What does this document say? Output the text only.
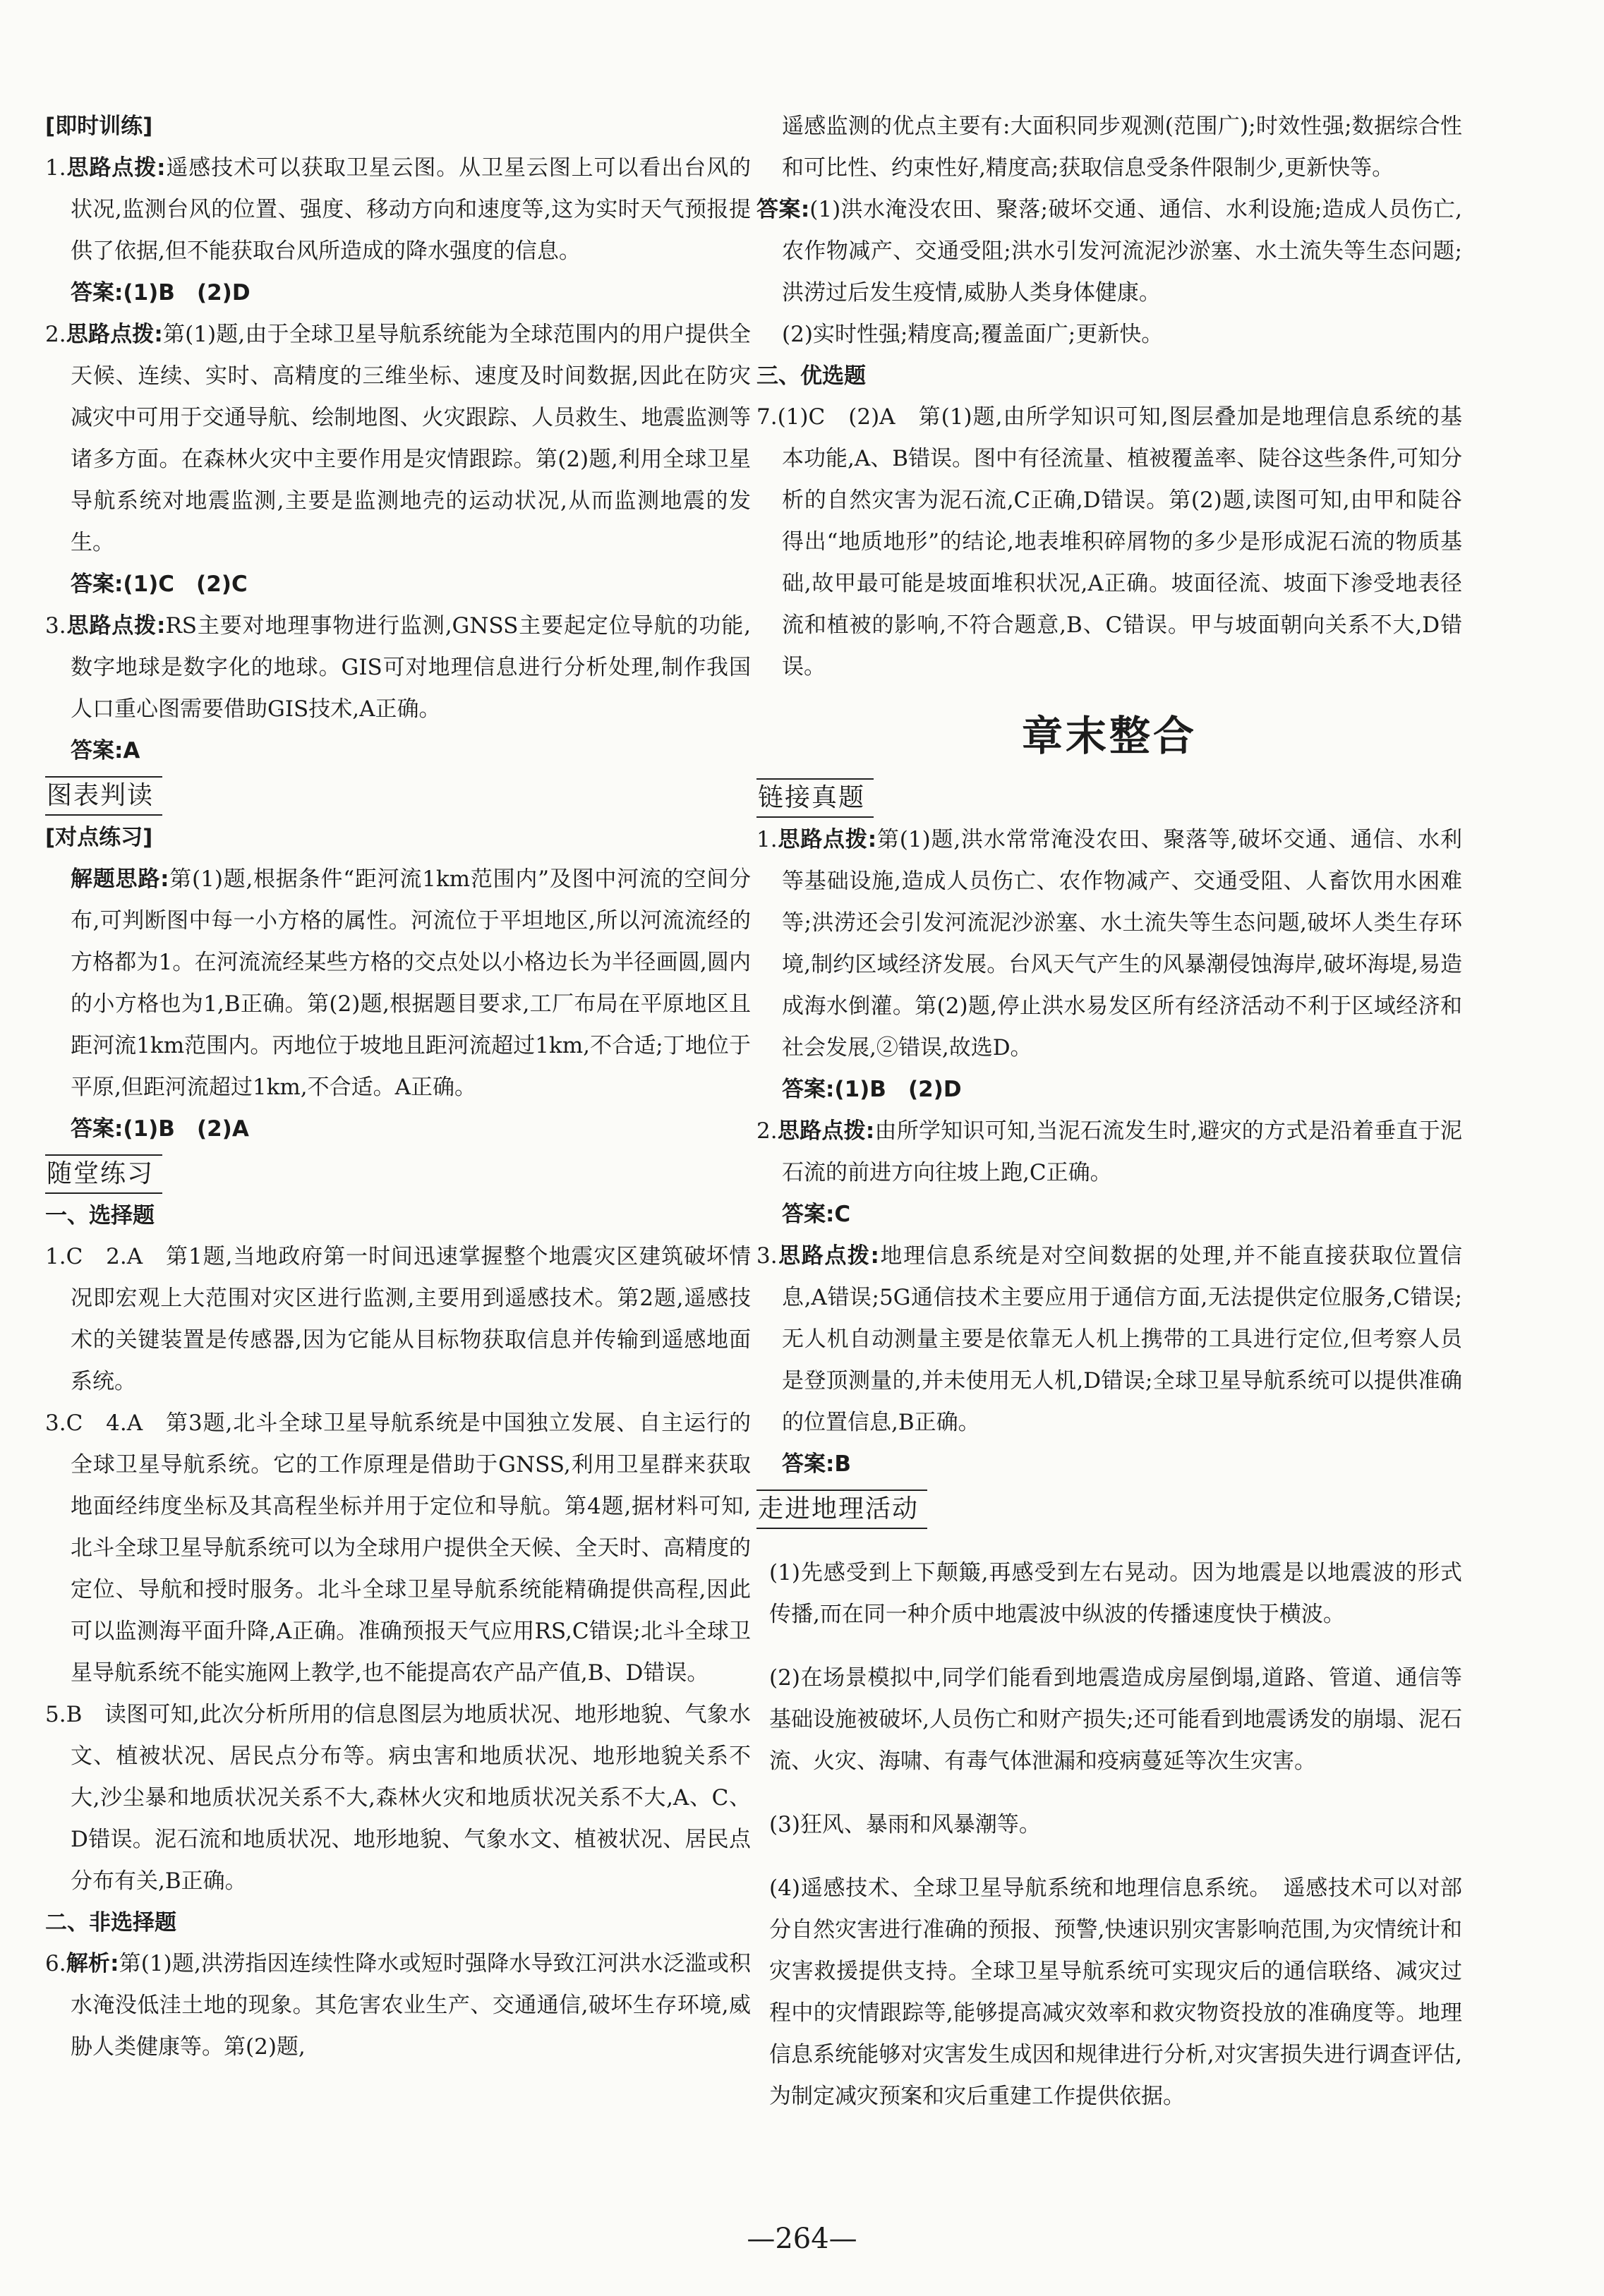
[即时训练]
1.思路点拨:遥感技术可以获取卫星云图。从卫星云图上可以看出台风的状况,监测台风的位置、强度、移动方向和速度等,这为实时天气预报提供了依据,但不能获取台风所造成的降水强度的信息。
答案:(1)B　(2)D
2.思路点拨:第(1)题,由于全球卫星导航系统能为全球范围内的用户提供全天候、连续、实时、高精度的三维坐标、速度及时间数据,因此在防灾减灾中可用于交通导航、绘制地图、火灾跟踪、人员救生、地震监测等诸多方面。在森林火灾中主要作用是灾情跟踪。第(2)题,利用全球卫星导航系统对地震监测,主要是监测地壳的运动状况,从而监测地震的发生。
答案:(1)C　(2)C
3.思路点拨:RS主要对地理事物进行监测,GNSS主要起定位导航的功能,数字地球是数字化的地球。GIS可对地理信息进行分析处理,制作我国人口重心图需要借助GIS技术,A正确。
答案:A
图表判读
[对点练习]

解题思路:第(1)题,根据条件“距河流1km范围内”及图中河流的空间分布,可判断图中每一小方格的属性。河流位于平坦地区,所以河流流经的方格都为1。在河流流经某些方格的交点处以小格边长为半径画圆,圆内的小方格也为1,B正确。第(2)题,根据题目要求,工厂布局在平原地区且距河流1km范围内。丙地位于坡地且距河流超过1km,不合适;丁地位于平原,但距河流超过1km,不合适。A正确。

答案:(1)B　(2)A
随堂练习
一、选择题
1.C　2.A　第1题,当地政府第一时间迅速掌握整个地震灾区建筑破坏情况即宏观上大范围对灾区进行监测,主要用到遥感技术。第2题,遥感技术的关键装置是传感器,因为它能从目标物获取信息并传输到遥感地面系统。
3.C　4.A　第3题,北斗全球卫星导航系统是中国独立发展、自主运行的全球卫星导航系统。它的工作原理是借助于GNSS,利用卫星群来获取地面经纬度坐标及其高程坐标并用于定位和导航。第4题,据材料可知,北斗全球卫星导航系统可以为全球用户提供全天候、全天时、高精度的定位、导航和授时服务。北斗全球卫星导航系统能精确提供高程,因此可以监测海平面升降,A正确。准确预报天气应用RS,C错误;北斗全球卫星导航系统不能实施网上教学,也不能提高农产品产值,B、D错误。
5.B　读图可知,此次分析所用的信息图层为地质状况、地形地貌、气象水文、植被状况、居民点分布等。病虫害和地质状况、地形地貌关系不大,沙尘暴和地质状况关系不大,森林火灾和地质状况关系不大,A、C、D错误。泥石流和地质状况、地形地貌、气象水文、植被状况、居民点分布有关,B正确。
二、非选择题
6.解析:第(1)题,洪涝指因连续性降水或短时强降水导致江河洪水泛滥或积水淹没低洼土地的现象。其危害农业生产、交通通信,破坏生存环境,威胁人类健康等。第(2)题,

遥感监测的优点主要有:大面积同步观测(范围广);时效性强;数据综合性和可比性、约束性好,精度高;获取信息受条件限制少,更新快等。

答案:(1)洪水淹没农田、聚落;破坏交通、通信、水利设施;造成人员伤亡,农作物减产、交通受阻;洪水引发河流泥沙淤塞、水土流失等生态问题;洪涝过后发生疫情,威胁人类身体健康。

(2)实时性强;精度高;覆盖面广;更新快。

三、优选题
7.(1)C　(2)A　第(1)题,由所学知识可知,图层叠加是地理信息系统的基本功能,A、B错误。图中有径流量、植被覆盖率、陡谷这些条件,可知分析的自然灾害为泥石流,C正确,D错误。第(2)题,读图可知,由甲和陡谷得出“地质地形”的结论,地表堆积碎屑物的多少是形成泥石流的物质基础,故甲最可能是坡面堆积状况,A正确。坡面径流、坡面下渗受地表径流和植被的影响,不符合题意,B、C错误。甲与坡面朝向关系不大,D错误。
章末整合
链接真题
1.思路点拨:第(1)题,洪水常常淹没农田、聚落等,破坏交通、通信、水利等基础设施,造成人员伤亡、农作物减产、交通受阻、人畜饮用水困难等;洪涝还会引发河流泥沙淤塞、水土流失等生态问题,破坏人类生存环境,制约区域经济发展。台风天气产生的风暴潮侵蚀海岸,破坏海堤,易造成海水倒灌。第(2)题,停止洪水易发区所有经济活动不利于区域经济和社会发展,②错误,故选D。
答案:(1)B　(2)D
2.思路点拨:由所学知识可知,当泥石流发生时,避灾的方式是沿着垂直于泥石流的前进方向往坡上跑,C正确。
答案:C
3.思路点拨:地理信息系统是对空间数据的处理,并不能直接获取位置信息,A错误;5G通信技术主要应用于通信方面,无法提供定位服务,C错误;无人机自动测量主要是依靠无人机上携带的工具进行定位,但考察人员是登顶测量的,并未使用无人机,D错误;全球卫星导航系统可以提供准确的位置信息,B正确。
答案:B
走进地理活动

(1)先感受到上下颠簸,再感受到左右晃动。因为地震是以地震波的形式传播,而在同一种介质中地震波中纵波的传播速度快于横波。

(2)在场景模拟中,同学们能看到地震造成房屋倒塌,道路、管道、通信等基础设施被破坏,人员伤亡和财产损失;还可能看到地震诱发的崩塌、泥石流、火灾、海啸、有毒气体泄漏和疫病蔓延等次生灾害。

(3)狂风、暴雨和风暴潮等。

(4)遥感技术、全球卫星导航系统和地理信息系统。　遥感技术可以对部分自然灾害进行准确的预报、预警,快速识别灾害影响范围,为灾情统计和灾害救援提供支持。全球卫星导航系统可实现灾后的通信联络、减灾过程中的灾情跟踪等,能够提高减灾效率和救灾物资投放的准确度等。地理信息系统能够对灾害发生成因和规律进行分析,对灾害损失进行调查评估,为制定减灾预案和灾后重建工作提供依据。

—264—
